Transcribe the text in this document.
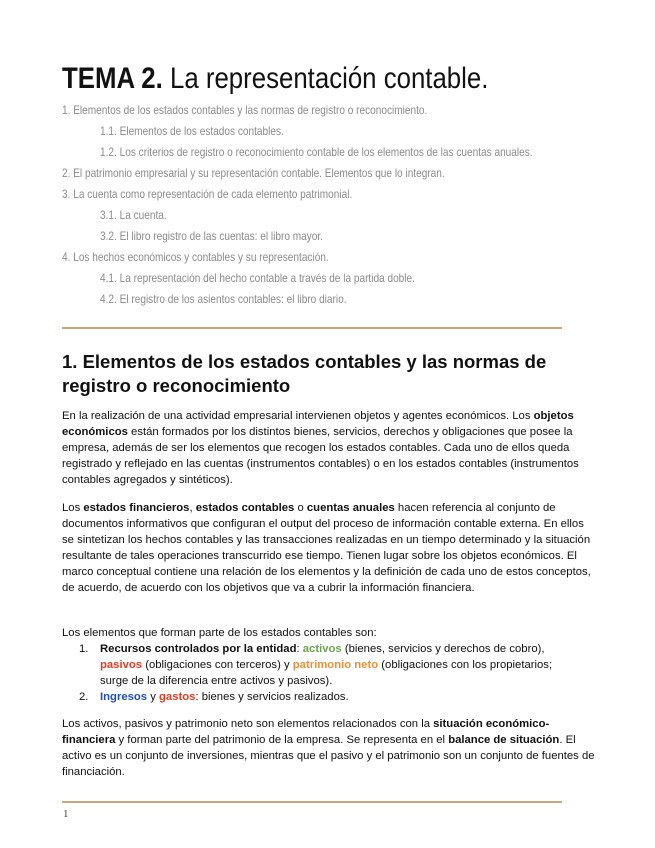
TEMA 2. La representación contable.
1. Elementos de los estados contables y las normas de registro o reconocimiento.
1.1. Elementos de los estados contables.
1.2. Los criterios de registro o reconocimiento contable de los elementos de las cuentas anuales.
2. El patrimonio empresarial y su representación contable. Elementos que lo integran.
3. La cuenta como representación de cada elemento patrimonial.
3.1. La cuenta.
3.2. El libro registro de las cuentas: el libro mayor.
4. Los hechos económicos y contables y su representación.
4.1. La representación del hecho contable a través de la partida doble.
4.2. El registro de los asientos contables: el libro diario.
1. Elementos de los estados contables y las normas de registro o reconocimiento

En la realización de una actividad empresarial intervienen objetos y agentes económicos. Los objetos económicos están formados por los distintos bienes, servicios, derechos y obligaciones que posee la empresa, además de ser los elementos que recogen los estados contables. Cada uno de ellos queda registrado y reflejado en las cuentas (instrumentos contables) o en los estados contables (instrumentos contables agregados y sintéticos).

Los estados financieros, estados contables o cuentas anuales hacen referencia al conjunto de documentos informativos que configuran el output del proceso de información contable externa. En ellos se sintetizan los hechos contables y las transacciones realizadas en un tiempo determinado y la situación resultante de tales operaciones transcurrido ese tiempo. Tienen lugar sobre los objetos económicos. El marco conceptual contiene una relación de los elementos y la definición de cada uno de estos conceptos, de acuerdo, de acuerdo con los objetivos que va a cubrir la información financiera.

Los elementos que forman parte de los estados contables son:

1. Recursos controlados por la entidad: activos (bienes, servicios y derechos de cobro), pasivos (obligaciones con terceros) y patrimonio neto (obligaciones con los propietarios; surge de la diferencia entre activos y pasivos).
2. Ingresos y gastos: bienes y servicios realizados.

Los activos, pasivos y patrimonio neto son elementos relacionados con la situación económico-financiera y forman parte del patrimonio de la empresa. Se representa en el balance de situación. El activo es un conjunto de inversiones, mientras que el pasivo y el patrimonio son un conjunto de fuentes de financiación.

1
